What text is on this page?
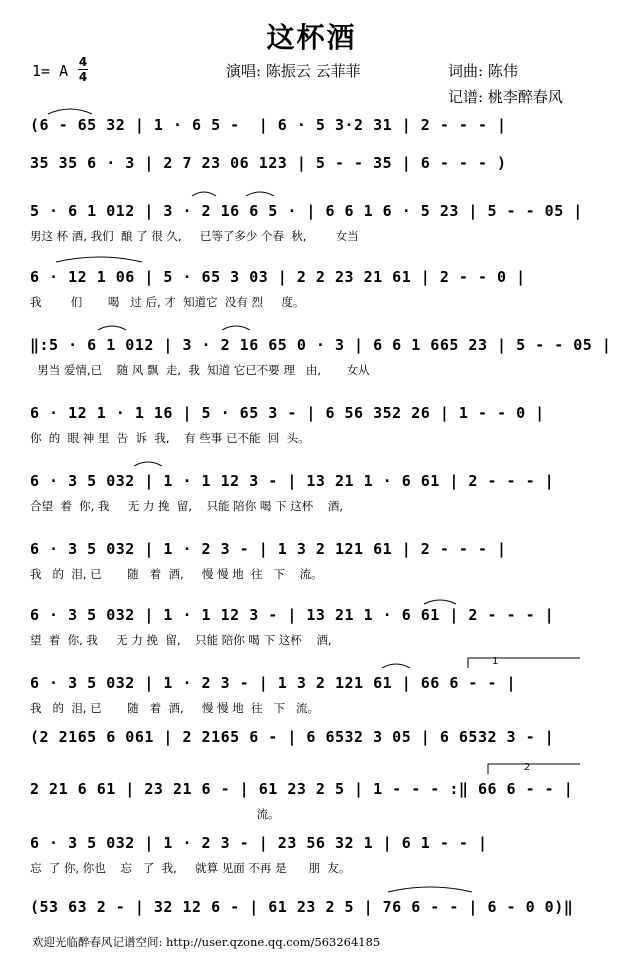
这杯酒
1= A 4
4	演唱: 陈振云 云菲菲	词曲: 陈伟
记谱: 桃李醉春风
(6 - 65 32 | 1 · 6 5 -  | 6 · 5 3·2 31 | 2 - - - |
35 35 6 · 3 | 2 7 23 06 123 | 5 - - 35 | 6 - - - )
5 · 6 1 012 | 3 · 2 16 6 5 · | 6 6 1 6 · 5 23 | 5 - - 05 |
男这 杯 酒, 我们  酿 了 很 久,     已等了多少 个春  秋,        女当
6 · 12 1 06 | 5 · 65 3 03 | 2 2 23 21 61 | 2 - - 0 |
我        们       喝   过 后, 才  知道它  没有 烈     度。
‖:5 · 6 1 012 | 3 · 2 16 65 0 · 3 | 6 6 1 665 23 | 5 - - 05 |
男当 爱情,已    随 风 飘  走,  我  知道 它已不要 理   由,       女从
6 · 12 1 · 1 16 | 5 · 65 3 - | 6 56 352 26 | 1 - - 0 |
你  的  眼 神 里  告  诉  我,    有 些事 已不能  回  头。
6 · 3 5 032 | 1 · 1 12 3 - | 13 21 1 · 6 61 | 2 - - - |
合望  着  你, 我     无 力 挽  留,    只能 陪你 喝 下 这杯    酒,
6 · 3 5 032 | 1 · 2 3 - | 1 3 2 121 61 | 2 - - - |
我   的  泪, 已       随   着  酒,     慢 慢 地  往   下    流。
6 · 3 5 032 | 1 · 1 12 3 - | 13 21 1 · 6 61 | 2 - - - |
望  着  你, 我     无 力 挽  留,    只能 陪你 喝 下 这杯    酒,
6 · 3 5 032 | 1 · 2 3 - | 1 3 2 121 61 | 66 6 - - |
我   的  泪, 已       随   着  酒,     慢 慢 地  往   下   流。
(2 2165 6 061 | 2 2165 6 - | 6 6532 3 05 | 6 6532 3 - |
2 21 6 61 | 23 21 6 - | 61 23 2 5 | 1 - - - :‖ 66 6 - - |
流。
6 · 3 5 032 | 1 · 2 3 - | 23 56 32 1 | 6 1 - - |
忘  了 你, 你也    忘   了  我,     就算 见面 不再 是      朋  友。
(53 63 2 - | 32 12 6 - | 61 23 2 5 | 76 6 - - | 6 - 0 0)‖
1
2
欢迎光临醉春风记谱空间: http://user.qzone.qq.com/563264185
